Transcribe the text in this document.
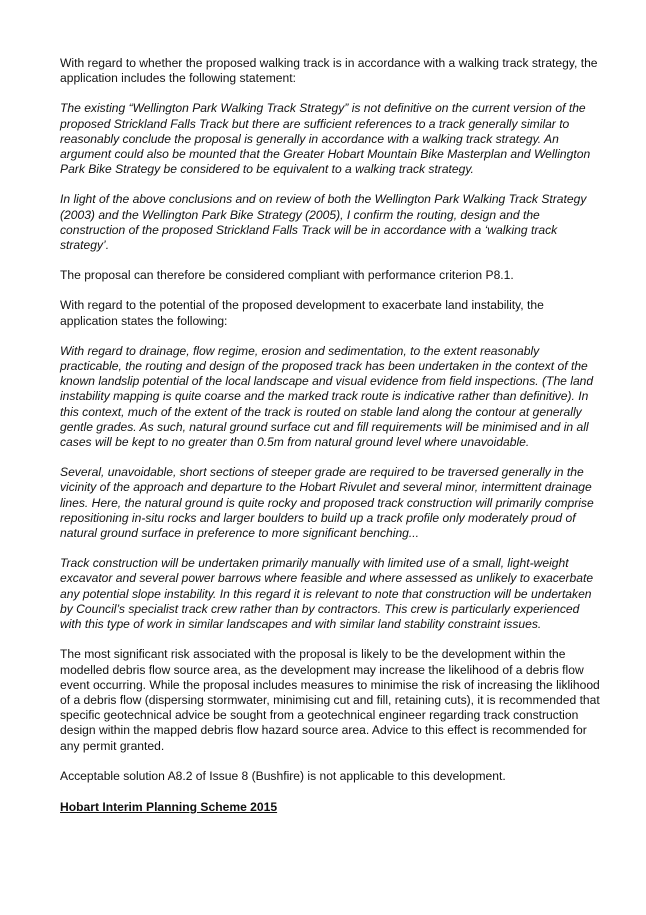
With regard to whether the proposed walking track is in accordance with a walking track strategy, the application includes the following statement:

The existing “Wellington Park Walking Track Strategy” is not definitive on the current version of the proposed Strickland Falls Track but there are sufficient references to a track generally similar to reasonably conclude the proposal is generally in accordance with a walking track strategy. An argument could also be mounted that the Greater Hobart Mountain Bike Masterplan and Wellington Park Bike Strategy be considered to be equivalent to a walking track strategy.

In light of the above conclusions and on review of both the Wellington Park Walking Track Strategy (2003) and the Wellington Park Bike Strategy (2005), I confirm the routing, design and the construction of the proposed Strickland Falls Track will be in accordance with a ‘walking track strategy’.

The proposal can therefore be considered compliant with performance criterion P8.1.

With regard to the potential of the proposed development to exacerbate land instability, the application states the following:

With regard to drainage, flow regime, erosion and sedimentation, to the extent reasonably practicable, the routing and design of the proposed track has been undertaken in the context of the known landslip potential of the local landscape and visual evidence from field inspections. (The land instability mapping is quite coarse and the marked track route is indicative rather than definitive). In this context, much of the extent of the track is routed on stable land along the contour at generally gentle grades. As such, natural ground surface cut and fill requirements will be minimised and in all cases will be kept to no greater than 0.5m from natural ground level where unavoidable.

Several, unavoidable, short sections of steeper grade are required to be traversed generally in the vicinity of the approach and departure to the Hobart Rivulet and several minor, intermittent drainage lines. Here, the natural ground is quite rocky and proposed track construction will primarily comprise repositioning in-situ rocks and larger boulders to build up a track profile only moderately proud of natural ground surface in preference to more significant benching...

Track construction will be undertaken primarily manually with limited use of a small, light-weight excavator and several power barrows where feasible and where assessed as unlikely to exacerbate any potential slope instability. In this regard it is relevant to note that construction will be undertaken by Council’s specialist track crew rather than by contractors. This crew is particularly experienced with this type of work in similar landscapes and with similar land stability constraint issues.

The most significant risk associated with the proposal is likely to be the development within the modelled debris flow source area, as the development may increase the likelihood of a debris flow event occurring. While the proposal includes measures to minimise the risk of increasing the liklihood of a debris flow (dispersing stormwater, minimising cut and fill, retaining cuts), it is recommended that specific geotechnical advice be sought from a geotechnical engineer regarding track construction design within the mapped debris flow hazard source area. Advice to this effect is recommended for any permit granted.

Acceptable solution A8.2 of Issue 8 (Bushfire) is not applicable to this development.

Hobart Interim Planning Scheme 2015
